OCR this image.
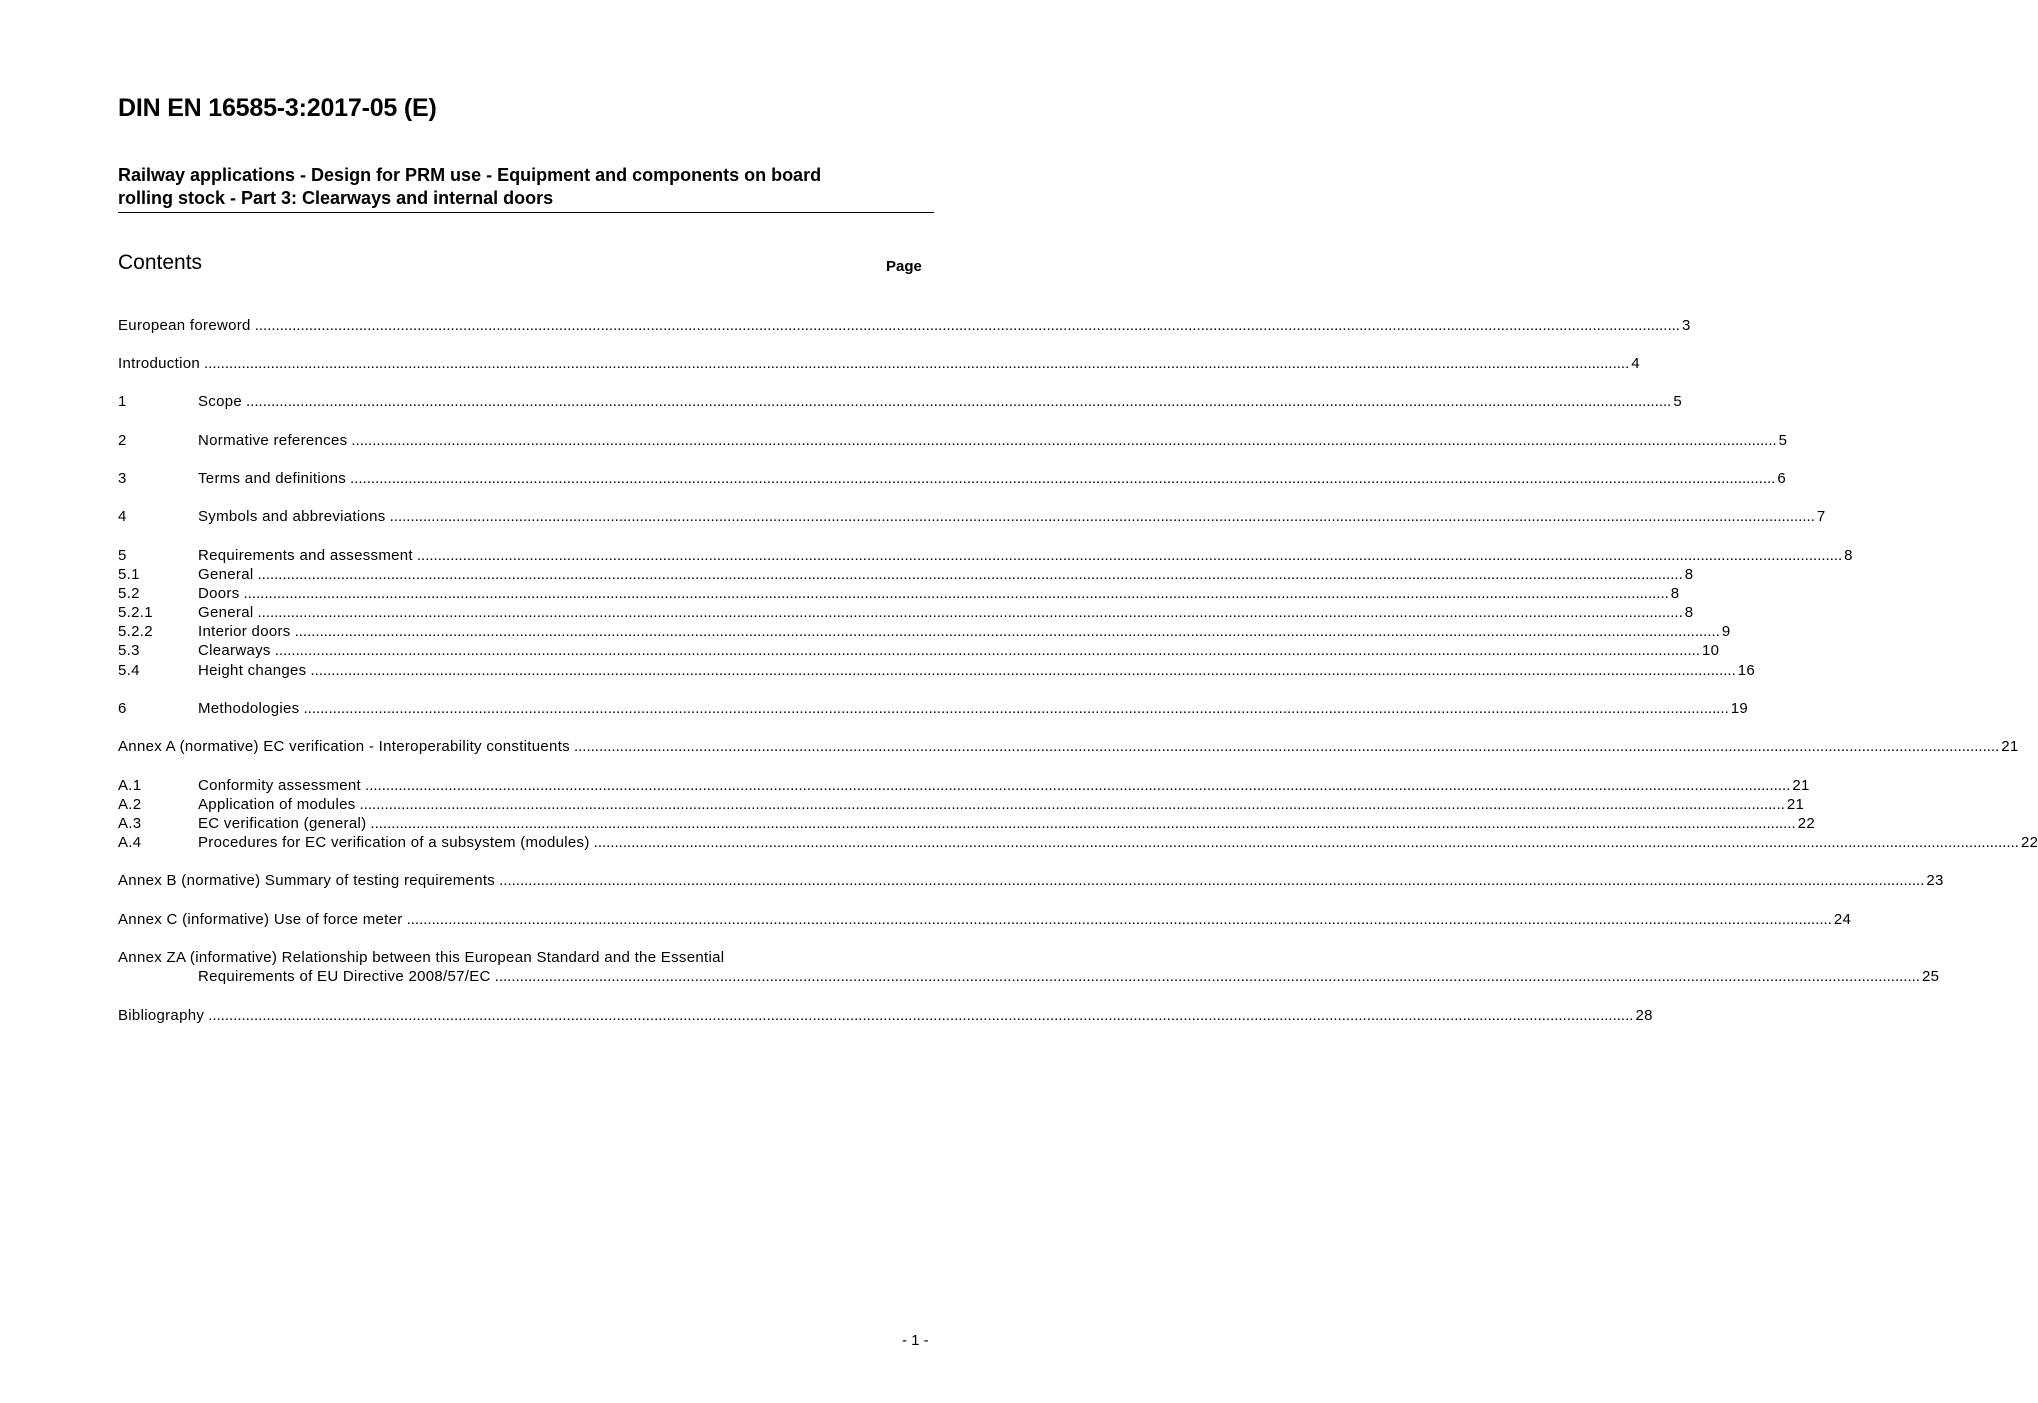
DIN EN 16585-3:2017-05 (E)
Railway applications - Design for PRM use - Equipment and components on board
rolling stock - Part 3: Clearways and internal doors
Contents	Page
European foreword .....	3
Introduction .....	4
1	Scope .....	5
2	Normative references .....	5
3	Terms and definitions .....	6
4	Symbols and abbreviations .....	7
5	Requirements and assessment .....	8
5.1	General .....	8
5.2	Doors .....	8
5.2.1	General .....	8
5.2.2	Interior doors .....	9
5.3	Clearways .....	10
5.4	Height changes .....	16
6	Methodologies .....	19
Annex A (normative) EC verification - Interoperability constituents .....	21
A.1	Conformity assessment .....	21
A.2	Application of modules .....	21
A.3	EC verification (general) .....	22
A.4	Procedures for EC verification of a subsystem (modules) .....	22
Annex B (normative) Summary of testing requirements .....	23
Annex C (informative) Use of force meter .....	24
Annex ZA (informative) Relationship between this European Standard and the Essential
Requirements of EU Directive 2008/57/EC .....	25
Bibliography .....	28
- 1 -
